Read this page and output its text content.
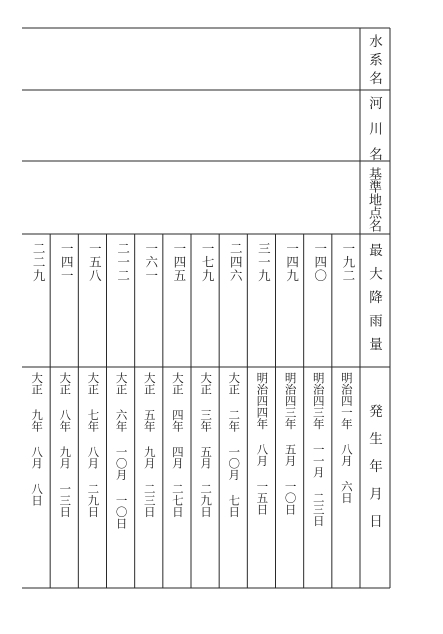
水系名
河川名
基準地点名
最大降雨量
発生年月日
一九二
一四〇
一四九
三一九
二四六
一七九
一四五
一六一
二一二
一五八
一四一
二二九
明治四一年 八月 六日
明治四三年 一一月 二三日
明治四三年 五月 一〇日
明治四四年 八月 一五日
大正 二年 一〇月 七日
大正 三年 五月 二九日
大正 四年 四月 二七日
大正 五年 九月 二三日
大正 六年 一〇月 一〇日
大正 七年 八月 二九日
大正 八年 九月 一三日
大正 九年 八月 八日
